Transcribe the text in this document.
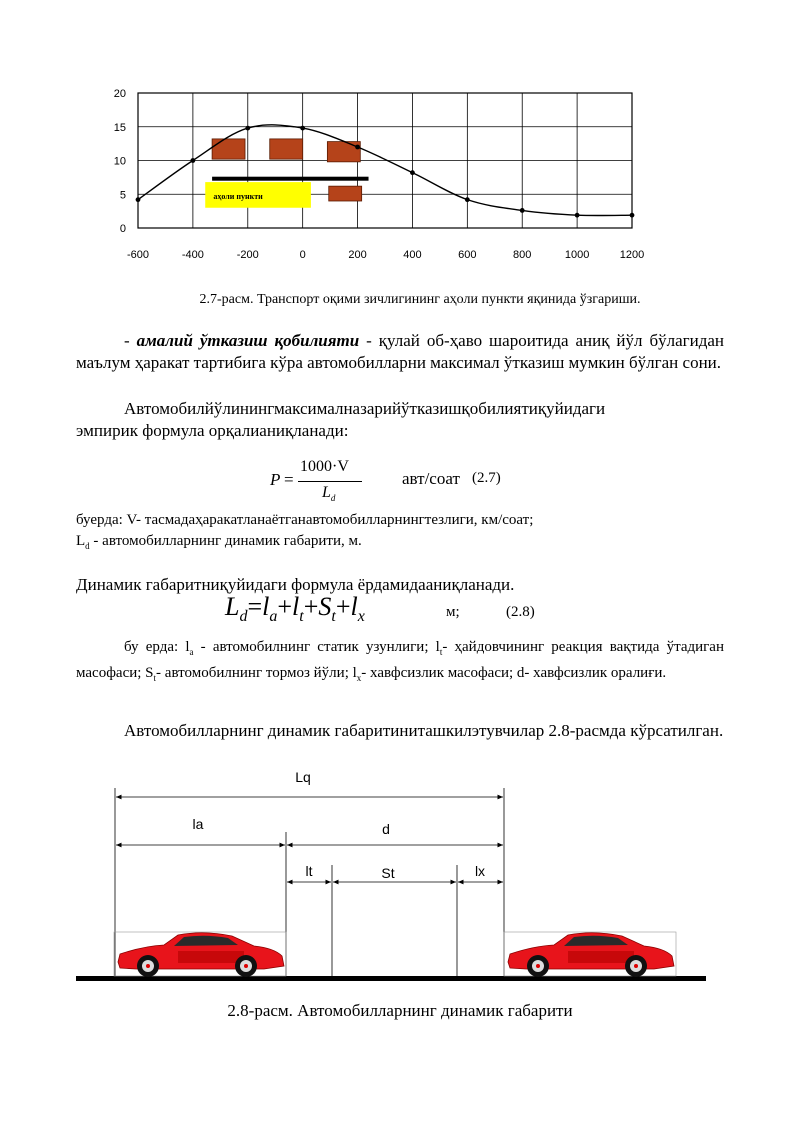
аҳоли пункти
0
5
10
15
20
-600	-400	-200	0	200	400	600	800	1000	1200
2.7-расм. Транспорт оқими зичлигининг аҳоли пункти яқинида ўзгариши.
- амалий ўтказиш қобилияти - қулай об-ҳаво шароитида аниқ йўл бўлагидан маълум ҳаракат тартибига кўра автомобилларни максимал ўтказиш мумкин бўлган сони.
Автомобилйўлинингмаксималназарийўтказишқобилиятиқуйидаги
эмпирик формула орқалианиқланади:
P =
1000·V
$L_d$
авт/соат (2.7)
буерда: V- тасмадаҳаракатланаётганавтомобилларнингтезлиги, км/соат;
$L_d$ - автомобилларнинг динамик габарити, м.
Динамик габаритниқуйидаги формула ёрдамидааниқланади.
$L_d=l_a+l_t+S_t+l_x$	м;	(2.8)
бу ерда: $l_a$ - автомобилнинг статик узунлиги; $l_t-$ ҳайдовчининг реакция вақтида ўтадиган масофаси; $S_t-$ автомобилнинг тормоз йўли; $l_x-$ хавфсизлик масофаси; d- хавфсизлик оралиғи.
Автомобилларнинг динамик габаритиниташкилэтувчилар 2.8-расмда кўрсатилган.
Lq
la	d
lt	St	lx
2.8-расм. Автомобилларнинг динамик габарити
